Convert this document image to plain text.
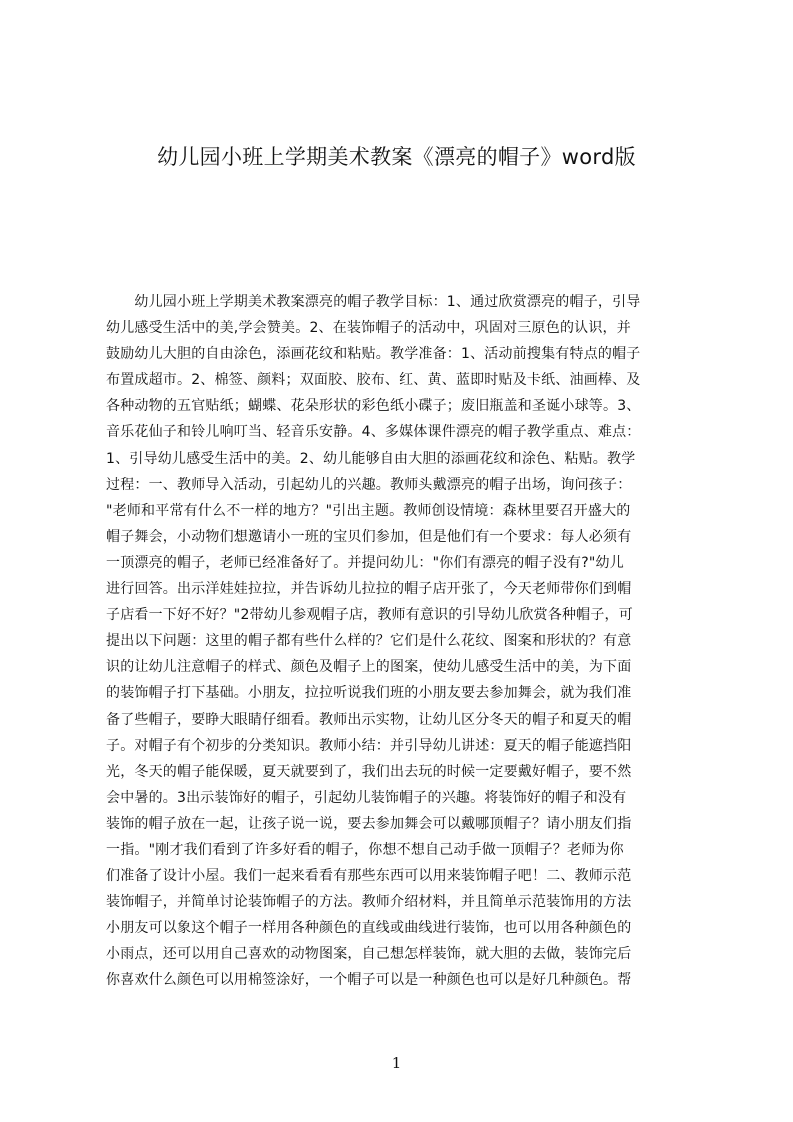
幼儿园小班上学期美术教案《漂亮的帽子》word版
　　幼儿园小班上学期美术教案漂亮的帽子教学目标：1、通过欣赏漂亮的帽子，引导
幼儿感受生活中的美,学会赞美。2、在装饰帽子的活动中，巩固对三原色的认识，并
鼓励幼儿大胆的自由涂色，添画花纹和粘贴。教学准备：1、活动前搜集有特点的帽子
布置成超市。2、棉签、颜料；双面胶、胶布、红、黄、蓝即时贴及卡纸、油画棒、及
各种动物的五官贴纸；蝴蝶、花朵形状的彩色纸小碟子；废旧瓶盖和圣诞小球等。3、
音乐花仙子和铃儿响叮当、轻音乐安静。4、多媒体课件漂亮的帽子教学重点、难点：
1、引导幼儿感受生活中的美。2、幼儿能够自由大胆的添画花纹和涂色、粘贴。教学
过程：一、教师导入活动，引起幼儿的兴趣。教师头戴漂亮的帽子出场，询问孩子：
"老师和平常有什么不一样的地方？"引出主题。教师创设情境：森林里要召开盛大的
帽子舞会，小动物们想邀请小一班的宝贝们参加，但是他们有一个要求：每人必须有
一顶漂亮的帽子，老师已经准备好了。并提问幼儿："你们有漂亮的帽子没有?"幼儿
进行回答。出示洋娃娃拉拉，并告诉幼儿拉拉的帽子店开张了，今天老师带你们到帽
子店看一下好不好？"2带幼儿参观帽子店，教师有意识的引导幼儿欣赏各种帽子，可
提出以下问题：这里的帽子都有些什么样的？它们是什么花纹、图案和形状的？有意
识的让幼儿注意帽子的样式、颜色及帽子上的图案，使幼儿感受生活中的美，为下面
的装饰帽子打下基础。小朋友，拉拉听说我们班的小朋友要去参加舞会，就为我们准
备了些帽子，要睁大眼睛仔细看。教师出示实物，让幼儿区分冬天的帽子和夏天的帽
子。对帽子有个初步的分类知识。教师小结：并引导幼儿讲述：夏天的帽子能遮挡阳
光，冬天的帽子能保暖，夏天就要到了，我们出去玩的时候一定要戴好帽子，要不然
会中暑的。3出示装饰好的帽子，引起幼儿装饰帽子的兴趣。将装饰好的帽子和没有
装饰的帽子放在一起，让孩子说一说，要去参加舞会可以戴哪顶帽子？请小朋友们指
一指。"刚才我们看到了许多好看的帽子，你想不想自己动手做一顶帽子？老师为你
们准备了设计小屋。我们一起来看看有那些东西可以用来装饰帽子吧！二、教师示范
装饰帽子，并简单讨论装饰帽子的方法。教师介绍材料，并且简单示范装饰用的方法
小朋友可以象这个帽子一样用各种颜色的直线或曲线进行装饰，也可以用各种颜色的
小雨点，还可以用自己喜欢的动物图案，自己想怎样装饰，就大胆的去做，装饰完后
你喜欢什么颜色可以用棉签涂好，一个帽子可以是一种颜色也可以是好几种颜色。帮
1
